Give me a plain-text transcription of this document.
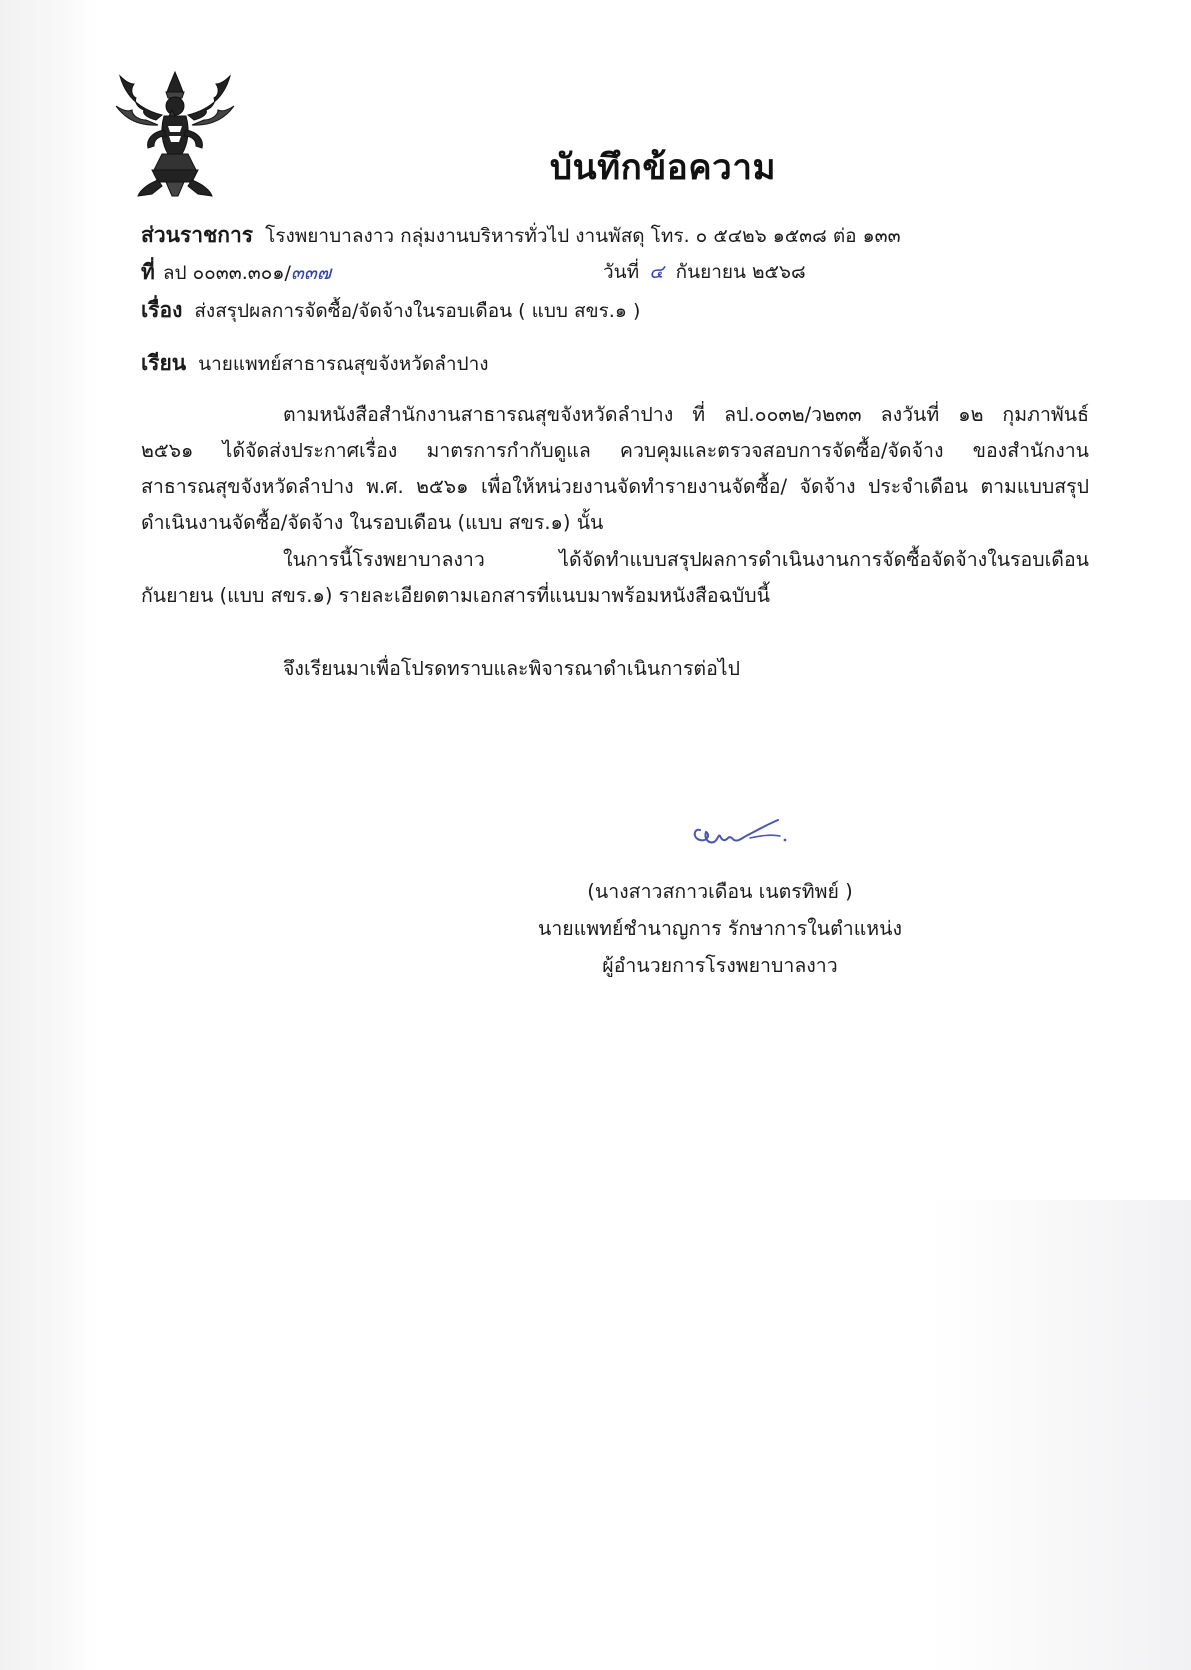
บันทึกข้อความ
ส่วนราชการ โรงพยาบาลงาว กลุ่มงานบริหารทั่วไป งานพัสดุ โทร. ๐ ๕๔๒๖ ๑๕๓๘ ต่อ ๑๓๓
ที่ ลป ๐๐๓๓.๓๐๑/๓๓๗	วันที่ ๔ กันยายน ๒๕๖๘
เรื่อง ส่งสรุปผลการจัดซื้อ/จัดจ้างในรอบเดือน ( แบบ สขร.๑ )
เรียน นายแพทย์สาธารณสุขจังหวัดลำปาง
ตามหนังสือสำนักงานสาธารณสุขจังหวัดลำปาง ที่ ลป.๐๐๓๒/ว๒๓๓ ลงวันที่ ๑๒ กุมภาพันธ์
๒๕๖๑ ได้จัดส่งประกาศเรื่อง มาตรการกำกับดูแล ควบคุมและตรวจสอบการจัดซื้อ/จัดจ้าง ของสำนักงาน
สาธารณสุขจังหวัดลำปาง พ.ศ. ๒๕๖๑ เพื่อให้หน่วยงานจัดทำรายงานจัดซื้อ/ จัดจ้าง ประจำเดือน ตามแบบสรุป
ดำเนินงานจัดซื้อ/จัดจ้าง ในรอบเดือน (แบบ สขร.๑) นั้น
ในการนี้โรงพยาบาลงาว ได้จัดทำแบบสรุปผลการดำเนินงานการจัดซื้อจัดจ้างในรอบเดือน
กันยายน (แบบ สขร.๑) รายละเอียดตามเอกสารที่แนบมาพร้อมหนังสือฉบับนี้
จึงเรียนมาเพื่อโปรดทราบและพิจารณาดำเนินการต่อไป
(นางสาวสกาวเดือน เนตรทิพย์ )
นายแพทย์ชำนาญการ รักษาการในตำแหน่ง
ผู้อำนวยการโรงพยาบาลงาว
